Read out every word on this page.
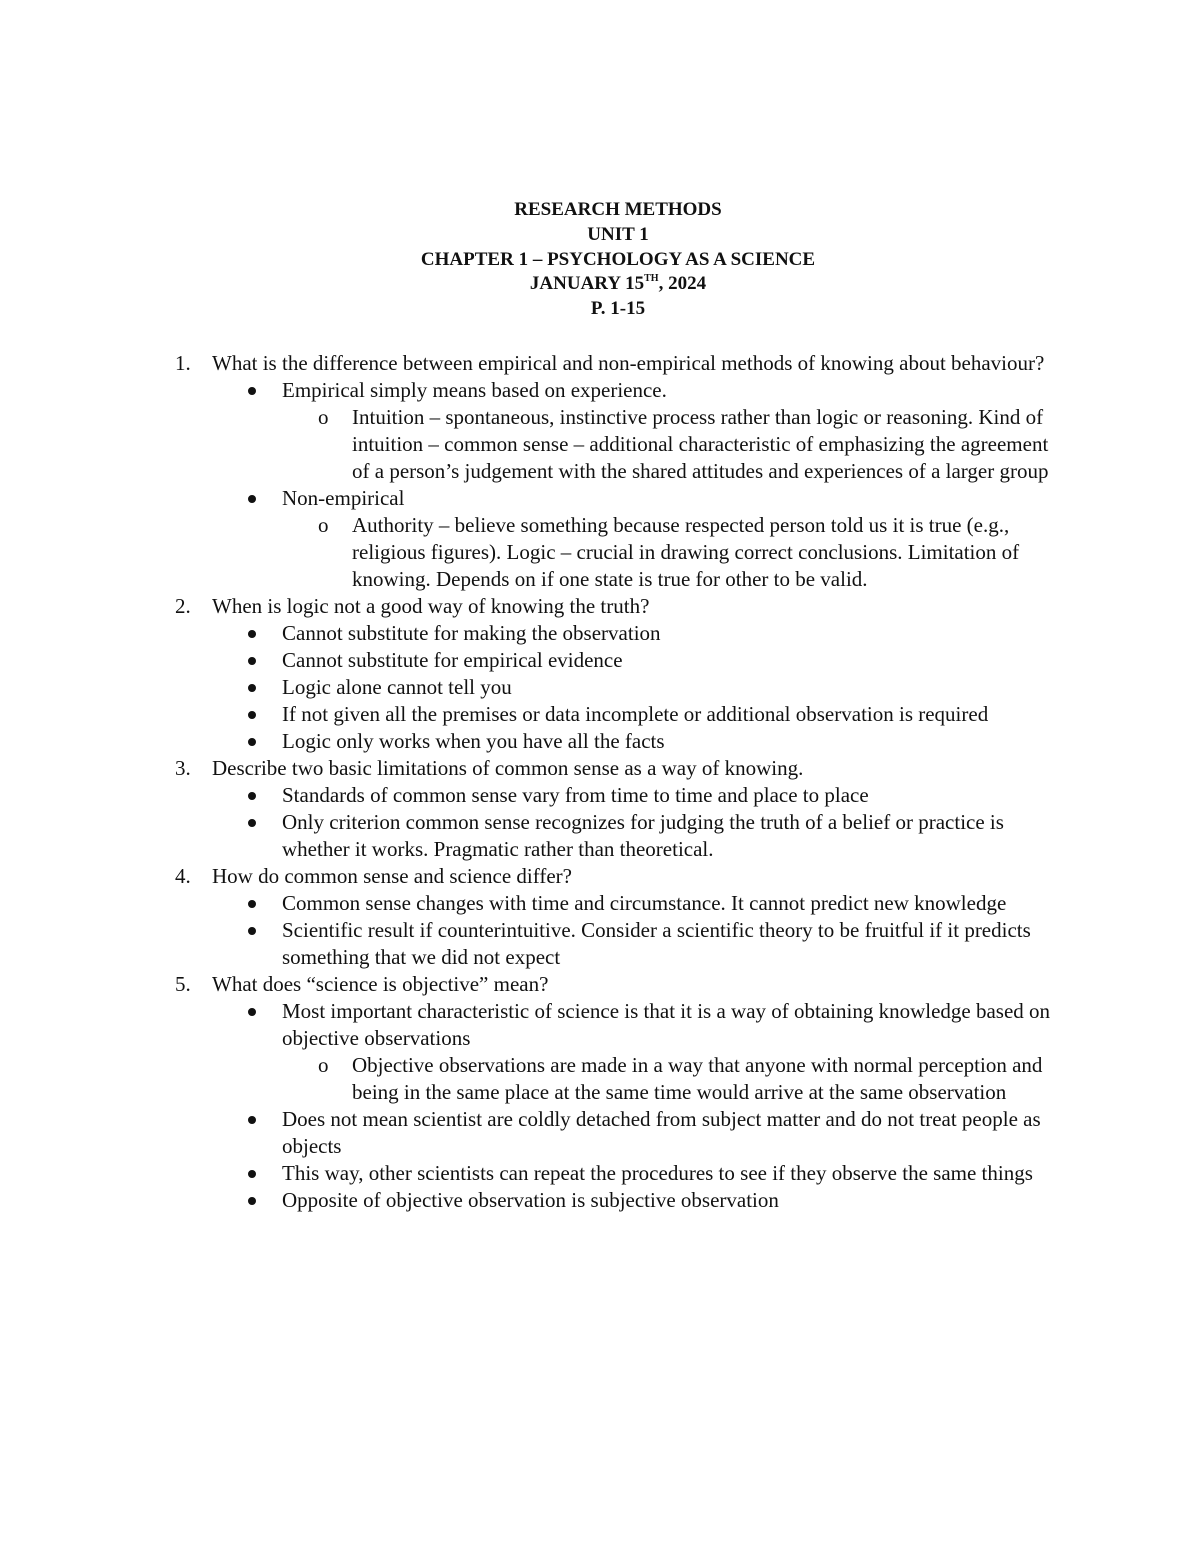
RESEARCH METHODS
UNIT 1
CHAPTER 1 – PSYCHOLOGY AS A SCIENCE
JANUARY 15TH, 2024
P. 1-15
1. What is the difference between empirical and non-empirical methods of knowing about behaviour?
Empirical simply means based on experience.
o Intuition – spontaneous, instinctive process rather than logic or reasoning. Kind of intuition – common sense – additional characteristic of emphasizing the agreement of a person’s judgement with the shared attitudes and experiences of a larger group
Non-empirical
o Authority – believe something because respected person told us it is true (e.g., religious figures). Logic – crucial in drawing correct conclusions. Limitation of knowing. Depends on if one state is true for other to be valid.
2. When is logic not a good way of knowing the truth?
Cannot substitute for making the observation
Cannot substitute for empirical evidence
Logic alone cannot tell you
If not given all the premises or data incomplete or additional observation is required
Logic only works when you have all the facts
3. Describe two basic limitations of common sense as a way of knowing.
Standards of common sense vary from time to time and place to place
Only criterion common sense recognizes for judging the truth of a belief or practice is whether it works. Pragmatic rather than theoretical.
4. How do common sense and science differ?
Common sense changes with time and circumstance. It cannot predict new knowledge
Scientific result if counterintuitive. Consider a scientific theory to be fruitful if it predicts something that we did not expect
5. What does “science is objective” mean?
Most important characteristic of science is that it is a way of obtaining knowledge based on objective observations
o Objective observations are made in a way that anyone with normal perception and being in the same place at the same time would arrive at the same observation
Does not mean scientist are coldly detached from subject matter and do not treat people as objects
This way, other scientists can repeat the procedures to see if they observe the same things
Opposite of objective observation is subjective observation
